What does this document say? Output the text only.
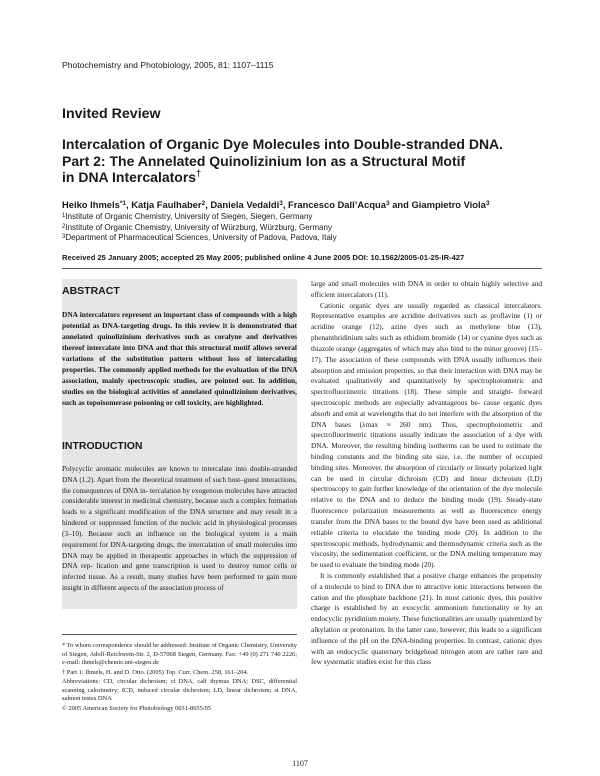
Photochemistry and Photobiology, 2005, 81: 1107–1115
Invited Review
Intercalation of Organic Dye Molecules into Double-stranded DNA.
Part 2: The Annelated Quinolizinium Ion as a Structural Motif
in DNA Intercalators†
Heiko Ihmels$^{*1}$, Katja Faulhaber$^2$, Daniela Vedaldi$^3$, Francesco Dall’Acqua$^3$ and Giampietro Viola$^3$
$^1$Institute of Organic Chemistry, University of Siegen, Siegen, Germany
$^2$Institute of Organic Chemistry, University of Würzburg, Würzburg, Germany
$^3$Department of Pharmaceutical Sciences, University of Padova, Padova, Italy
Received 25 January 2005; accepted 25 May 2005; published online 4 June 2005 DOI: 10.1562/2005-01-25-IR-427
ABSTRACT
DNA intercalators represent an important class of compounds with a high potential as DNA-targeting drugs. In this review it is demonstrated that annelated quinolizinium derivatives such as coralyne and derivatives thereof intercalate into DNA and that this structural motif allows several variations of the substitution pattern without loss of intercalating properties. The commonly applied methods for the evaluation of the DNA association, mainly spectroscopic studies, are pointed out. In addition, studies on the biological activities of annelated quinolizinium derivatives, such as topoisomerase poisoning or cell toxicity, are highlighted.
INTRODUCTION
Polycyclic aromatic molecules are known to intercalate into double-stranded DNA (1,2). Apart from the theoretical treatment of such host–guest interactions, the consequences of DNA in- tercalation by exogenous molecules have attracted considerable interest in medicinal chemistry, because such a complex formation leads to a significant modification of the DNA structure and may result in a hindered or suppressed function of the nucleic acid in physiological processes (3–10). Because such an influence on the biological system is a main requirement for DNA-targeting drugs, the intercalation of small molecules into DNA may be applied in therapeutic approaches in which the suppression of DNA rep- lication and gene transcription is used to destroy tumor cells or infected tissue. As a result, many studies have been performed to gain more insight in different aspects of the association process of

large and small molecules with DNA in order to obtain highly selective and efficient intercalators (11).

Cationic organic dyes are usually regarded as classical intercalators. Representative examples are acridine derivatives such as proflavine (1) or acridine orange (12), azine dyes such as methylene blue (13), phenanthridinium salts such as ethidium bromide (14) or cyanine dyes such as thiazole orange (aggregates of which may also bind to the minor groove) (15–17). The association of these compounds with DNA usually influences their absorption and emission properties, so that their interaction with DNA may be evaluated qualitatively and quantitatively by spectrophotometric and spectrofluorimetric titrations (18). These simple and straight- forward spectroscopic methods are especially advantageous be- cause organic dyes absorb and emit at wavelengths that do not interfere with the absorption of the DNA bases (λmax ≈ 260 nm). Thus, spectrophotometric and spectrofluorimetric titrations usually indicate the association of a dye with DNA. Moreover, the resulting binding isotherms can be used to estimate the binding constants and the binding site size, i.e. the number of occupied binding sites. Moreover, the absorption of circularly or linearly polarized light can be used in circular dichroism (CD) and linear dichroism (LD) spectroscopy to gain further knowledge of the orientation of the dye molecule relative to the DNA and to deduce the binding mode (19). Steady-state fluorescence polarization measurements as well as fluorescence energy transfer from the DNA bases to the bound dye have been used as additional reliable criteria to elucidate the binding mode (20). In addition to the spectroscopic methods, hydrodynamic and thermodynamic criteria such as the viscosity, the sedimentation coefficient, or the DNA melting temperature may be used to evaluate the binding mode (20).

It is commonly established that a positive charge enhances the propensity of a molecule to bind to DNA due to attractive ionic interactions between the cation and the phosphate backbone (21). In most cationic dyes, this positive charge is established by an exocyclic ammonium functionality or by an endocyclic pyridinium moiety. These functionalities are usually quaternized by alkylation or protonation. In the latter case, however, this leads to a significant influence of the pH on the DNA-binding properties. In contrast, cationic dyes with an endocyclic quaternary bridgehead nitrogen atom are rather rare and few systematic studies exist for this class

* To whom correspondence should be addressed: Institute of Organic Chemistry, University of Siegen, Adolf-Reichwein-Str. 2, D-57068 Siegen, Germany. Fax: +49 (0) 271 740 2226; e-mail: ihmels@chemie.uni-siegen.de

† Part 1: Ihmels, H. and D. Otto. (2005) Top. Curr. Chem. 258, 161–204.

Abbreviations: CD, circular dichroism; ct DNA, calf thymus DNA; DSC, differential scanning calorimetry; ICD, induced circular dichroism; LD, linear dichroism; st DNA, salmon testes DNA

© 2005 American Society for Photobiology 0031-8655/05

1107
